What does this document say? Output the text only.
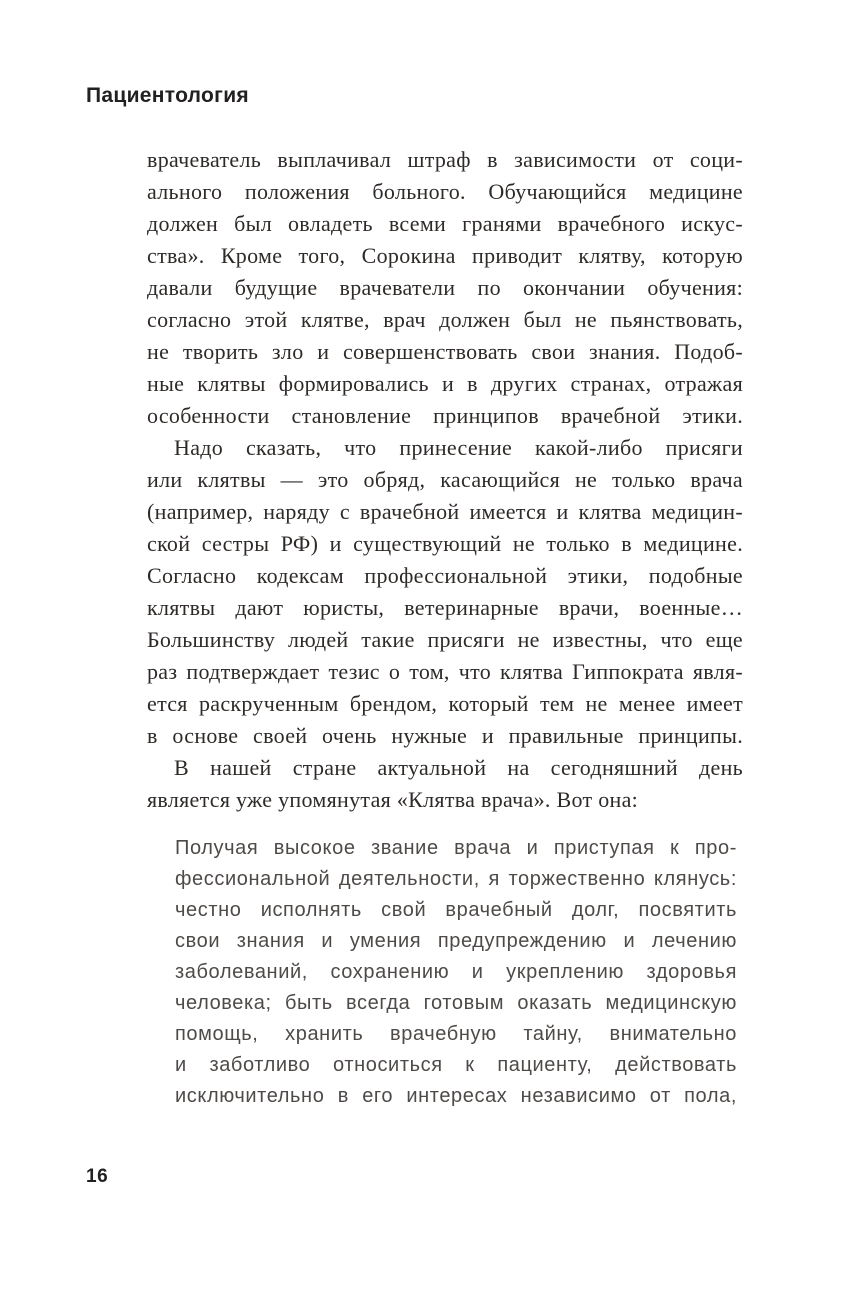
Пациентология
врачеватель выплачивал штраф в зависимости от соци-
ального положения больного. Обучающийся медицине
должен был овладеть всеми гранями врачебного искус-
ства». Кроме того, Сорокина приводит клятву, которую
давали будущие врачеватели по окончании обучения:
согласно этой клятве, врач должен был не пьянствовать,
не творить зло и совершенствовать свои знания. Подоб-
ные клятвы формировались и в других странах, отражая
особенности становление принципов врачебной этики.
Надо сказать, что принесение какой-либо присяги
или клятвы — это обряд, касающийся не только врача
(например, наряду с врачебной имеется и клятва медицин-
ской сестры РФ) и существующий не только в медицине.
Согласно кодексам профессиональной этики, подобные
клятвы дают юристы, ветеринарные врачи, военные…
Большинству людей такие присяги не известны, что еще
раз подтверждает тезис о том, что клятва Гиппократа явля-
ется раскрученным брендом, который тем не менее имеет
в основе своей очень нужные и правильные принципы.
В нашей стране актуальной на сегодняшний день
является уже упомянутая «Клятва врача». Вот она:
Получая высокое звание врача и приступая к про-
фессиональной деятельности, я торжественно клянусь:
честно исполнять свой врачебный долг, посвятить
свои знания и умения предупреждению и лечению
заболеваний, сохранению и укреплению здоровья
человека; быть всегда готовым оказать медицинскую
помощь, хранить врачебную тайну, внимательно
и заботливо относиться к пациенту, действовать
исключительно в его интересах независимо от пола,
16
